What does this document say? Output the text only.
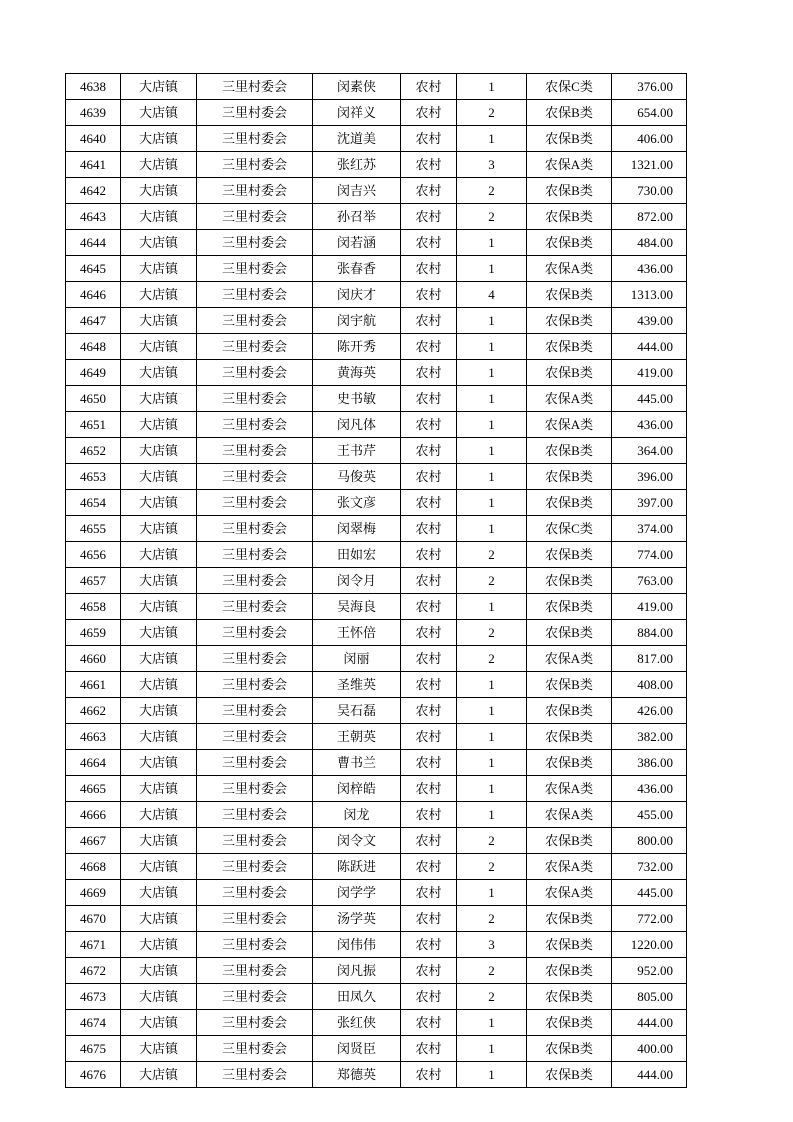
4638	大店镇	三里村委会	闵素侠	农村	1	农保C类	376.00
4639	大店镇	三里村委会	闵祥义	农村	2	农保B类	654.00
4640	大店镇	三里村委会	沈道美	农村	1	农保B类	406.00
4641	大店镇	三里村委会	张红苏	农村	3	农保A类	1321.00
4642	大店镇	三里村委会	闵吉兴	农村	2	农保B类	730.00
4643	大店镇	三里村委会	孙召举	农村	2	农保B类	872.00
4644	大店镇	三里村委会	闵若涵	农村	1	农保B类	484.00
4645	大店镇	三里村委会	张春香	农村	1	农保A类	436.00
4646	大店镇	三里村委会	闵庆才	农村	4	农保B类	1313.00
4647	大店镇	三里村委会	闵宇航	农村	1	农保B类	439.00
4648	大店镇	三里村委会	陈开秀	农村	1	农保B类	444.00
4649	大店镇	三里村委会	黄海英	农村	1	农保B类	419.00
4650	大店镇	三里村委会	史书敏	农村	1	农保A类	445.00
4651	大店镇	三里村委会	闵凡体	农村	1	农保A类	436.00
4652	大店镇	三里村委会	王书芹	农村	1	农保B类	364.00
4653	大店镇	三里村委会	马俊英	农村	1	农保B类	396.00
4654	大店镇	三里村委会	张文彦	农村	1	农保B类	397.00
4655	大店镇	三里村委会	闵翠梅	农村	1	农保C类	374.00
4656	大店镇	三里村委会	田如宏	农村	2	农保B类	774.00
4657	大店镇	三里村委会	闵令月	农村	2	农保B类	763.00
4658	大店镇	三里村委会	吴海良	农村	1	农保B类	419.00
4659	大店镇	三里村委会	王怀倍	农村	2	农保B类	884.00
4660	大店镇	三里村委会	闵丽	农村	2	农保A类	817.00
4661	大店镇	三里村委会	圣维英	农村	1	农保B类	408.00
4662	大店镇	三里村委会	吴石磊	农村	1	农保B类	426.00
4663	大店镇	三里村委会	王朝英	农村	1	农保B类	382.00
4664	大店镇	三里村委会	曹书兰	农村	1	农保B类	386.00
4665	大店镇	三里村委会	闵梓皓	农村	1	农保A类	436.00
4666	大店镇	三里村委会	闵龙	农村	1	农保A类	455.00
4667	大店镇	三里村委会	闵令文	农村	2	农保B类	800.00
4668	大店镇	三里村委会	陈跃进	农村	2	农保A类	732.00
4669	大店镇	三里村委会	闵学学	农村	1	农保A类	445.00
4670	大店镇	三里村委会	汤学英	农村	2	农保B类	772.00
4671	大店镇	三里村委会	闵伟伟	农村	3	农保B类	1220.00
4672	大店镇	三里村委会	闵凡振	农村	2	农保B类	952.00
4673	大店镇	三里村委会	田凤久	农村	2	农保B类	805.00
4674	大店镇	三里村委会	张红侠	农村	1	农保B类	444.00
4675	大店镇	三里村委会	闵贤臣	农村	1	农保B类	400.00
4676	大店镇	三里村委会	郑德英	农村	1	农保B类	444.00
